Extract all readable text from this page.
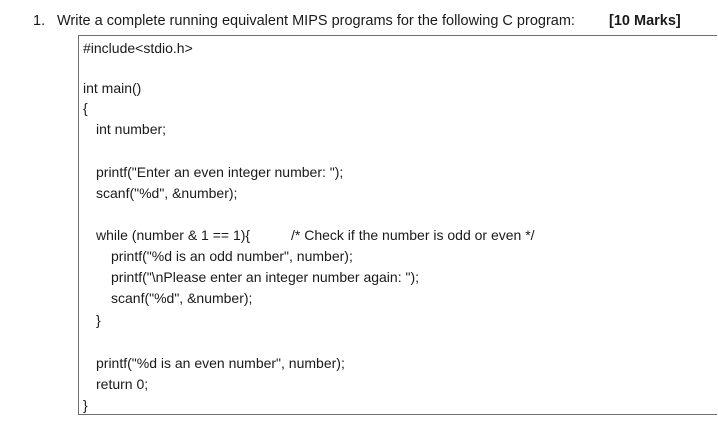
1. Write a complete running equivalent MIPS programs for the following C program: [10 Marks]
#include<stdio.h>
int main()
{
int number;
printf("Enter an even integer number: ");
scanf("%d", &number);
while (number & 1 == 1){	/* Check if the number is odd or even */
printf("%d is an odd number", number);
printf("\nPlease enter an integer number again: ");
scanf("%d", &number);
}
printf("%d is an even number", number);
return 0;
}
